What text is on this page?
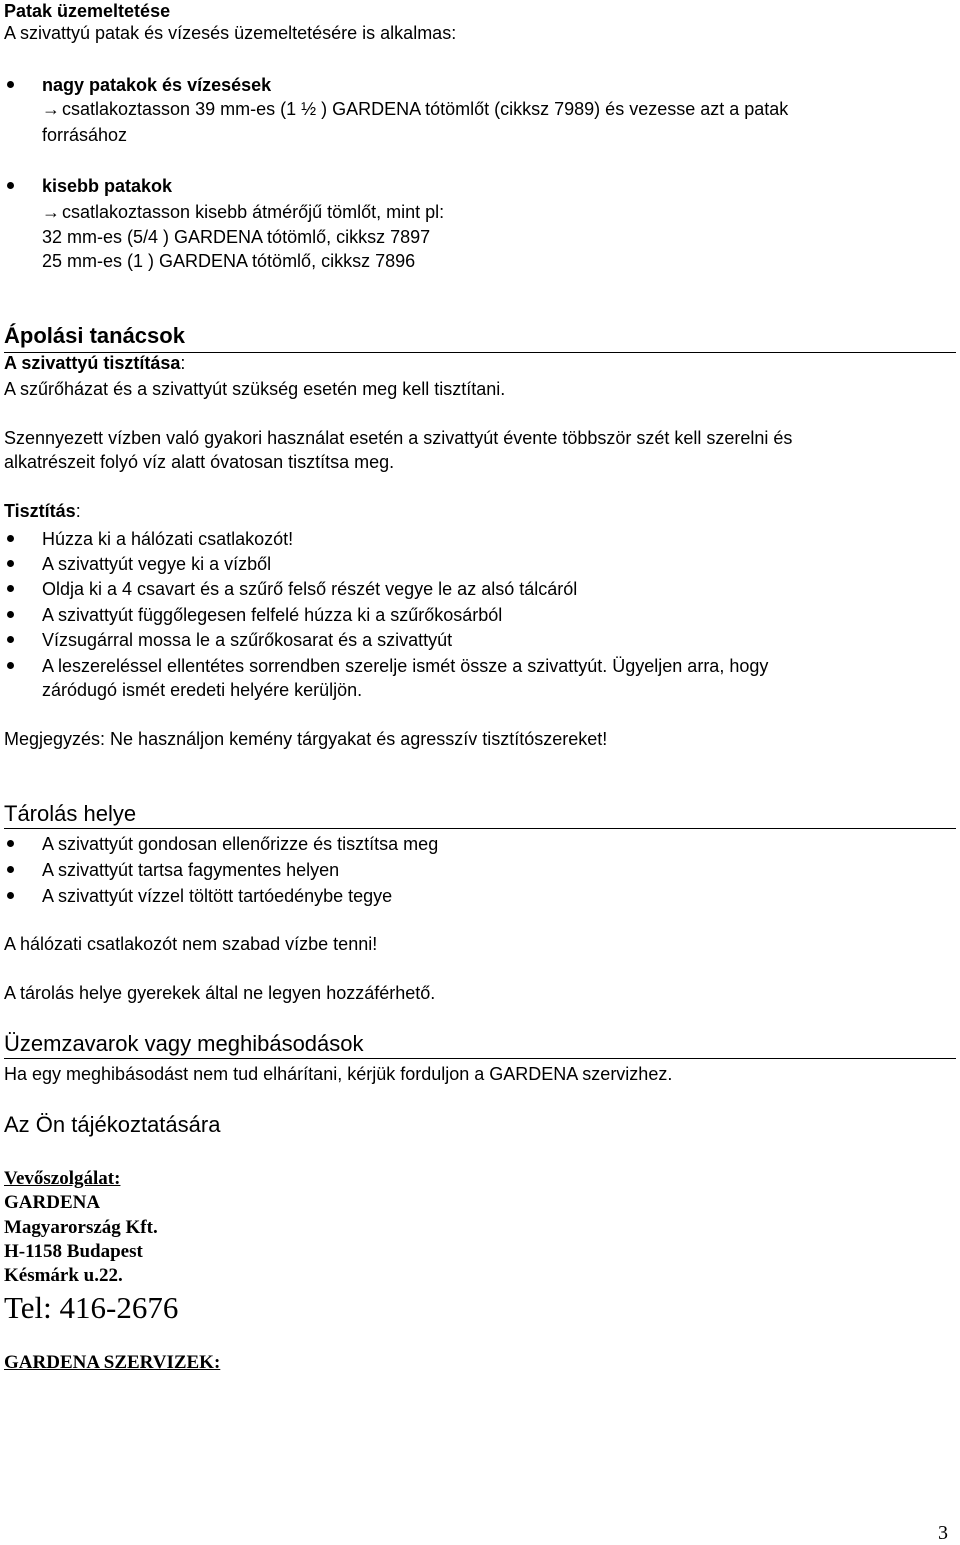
Patak üzemeltetése
A szivattyú patak és vízesés üzemeltetésére is alkalmas:
nagy patakok és vízesések
→ csatlakoztasson 39 mm-es (1 ½ ) GARDENA tótömlőt (cikksz 7989) és vezesse azt a patak
forrásához
kisebb patakok
→ csatlakoztasson kisebb átmérőjű tömlőt, mint pl:
32 mm-es (5/4 ) GARDENA tótömlő, cikksz 7897
25 mm-es (1 ) GARDENA tótömlő, cikksz 7896
Ápolási tanácsok
A szivattyú tisztítása:
A szűrőházat és a szivattyút szükség esetén meg kell tisztítani.
Szennyezett vízben való gyakori használat esetén a szivattyút évente többször szét kell szerelni és
alkatrészeit folyó víz alatt óvatosan tisztítsa meg.
Tisztítás:
Húzza ki a hálózati csatlakozót!
A szivattyút vegye ki a vízből
Oldja ki a 4 csavart és a szűrő felső részét vegye le az alsó tálcáról
A szivattyút függőlegesen felfelé húzza ki a szűrőkosárból
Vízsugárral mossa le a szűrőkosarat és a szivattyút
A leszereléssel ellentétes sorrendben szerelje ismét össze a szivattyút. Ügyeljen arra, hogy
záródugó ismét eredeti helyére kerüljön.
Megjegyzés: Ne használjon kemény tárgyakat és agresszív tisztítószereket!
Tárolás helye
A szivattyút gondosan ellenőrizze és tisztítsa meg
A szivattyút tartsa fagymentes helyen
A szivattyút vízzel töltött tartóedénybe tegye
A hálózati csatlakozót nem szabad vízbe tenni!
A tárolás helye gyerekek által ne legyen hozzáférhető.
Üzemzavarok vagy meghibásodások
Ha egy meghibásodást nem tud elhárítani, kérjük forduljon a GARDENA szervizhez.
Az Ön tájékoztatására
Vevőszolgálat:
GARDENA
Magyarország Kft.
H-1158 Budapest
Késmárk u.22.
Tel: 416-2676
GARDENA SZERVIZEK:
3
